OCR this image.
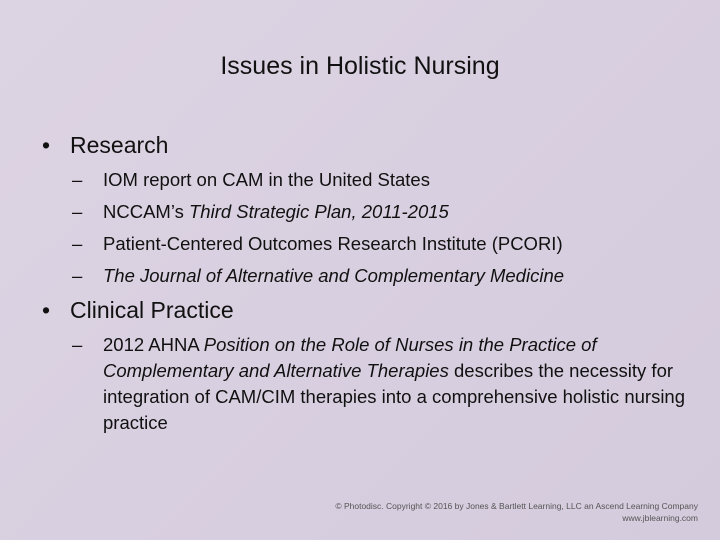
Issues in Holistic Nursing
• Research
–	IOM report on CAM in the United States
–	NCCAM’s Third Strategic Plan, 2011-2015
–	Patient-Centered Outcomes Research Institute (PCORI)
–	The Journal of Alternative and Complementary Medicine
• Clinical Practice
–	2012 AHNA Position on the Role of Nurses in the Practice of Complementary and Alternative Therapies describes the necessity for integration of CAM/CIM therapies into a comprehensive holistic nursing practice
© Photodisc. Copyright © 2016 by Jones & Bartlett Learning, LLC an Ascend Learning Company
www.jblearning.com
